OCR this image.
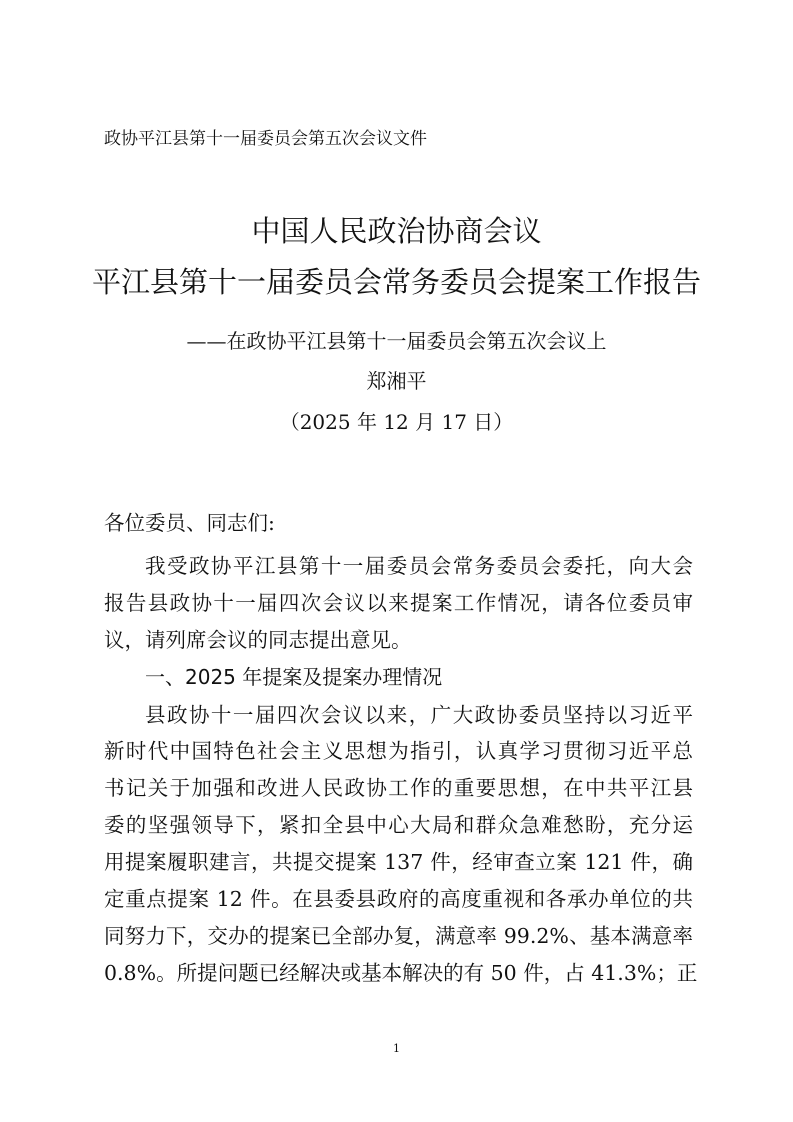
政协平江县第十一届委员会第五次会议文件
中国人民政治协商会议
平江县第十一届委员会常务委员会提案工作报告
——在政协平江县第十一届委员会第五次会议上
郑湘平
（2025 年 12 月 17 日）
各位委员、同志们:
我受政协平江县第十一届委员会常务委员会委托，向大会
报告县政协十一届四次会议以来提案工作情况，请各位委员审
议，请列席会议的同志提出意见。
一、2025 年提案及提案办理情况
县政协十一届四次会议以来，广大政协委员坚持以习近平
新时代中国特色社会主义思想为指引，认真学习贯彻习近平总
书记关于加强和改进人民政协工作的重要思想，在中共平江县
委的坚强领导下，紧扣全县中心大局和群众急难愁盼，充分运
用提案履职建言，共提交提案 137 件，经审查立案 121 件，确
定重点提案 12 件。在县委县政府的高度重视和各承办单位的共
同努力下，交办的提案已全部办复，满意率 99.2%、基本满意率
0.8%。所提问题已经解决或基本解决的有 50 件，占 41.3%；正
1
